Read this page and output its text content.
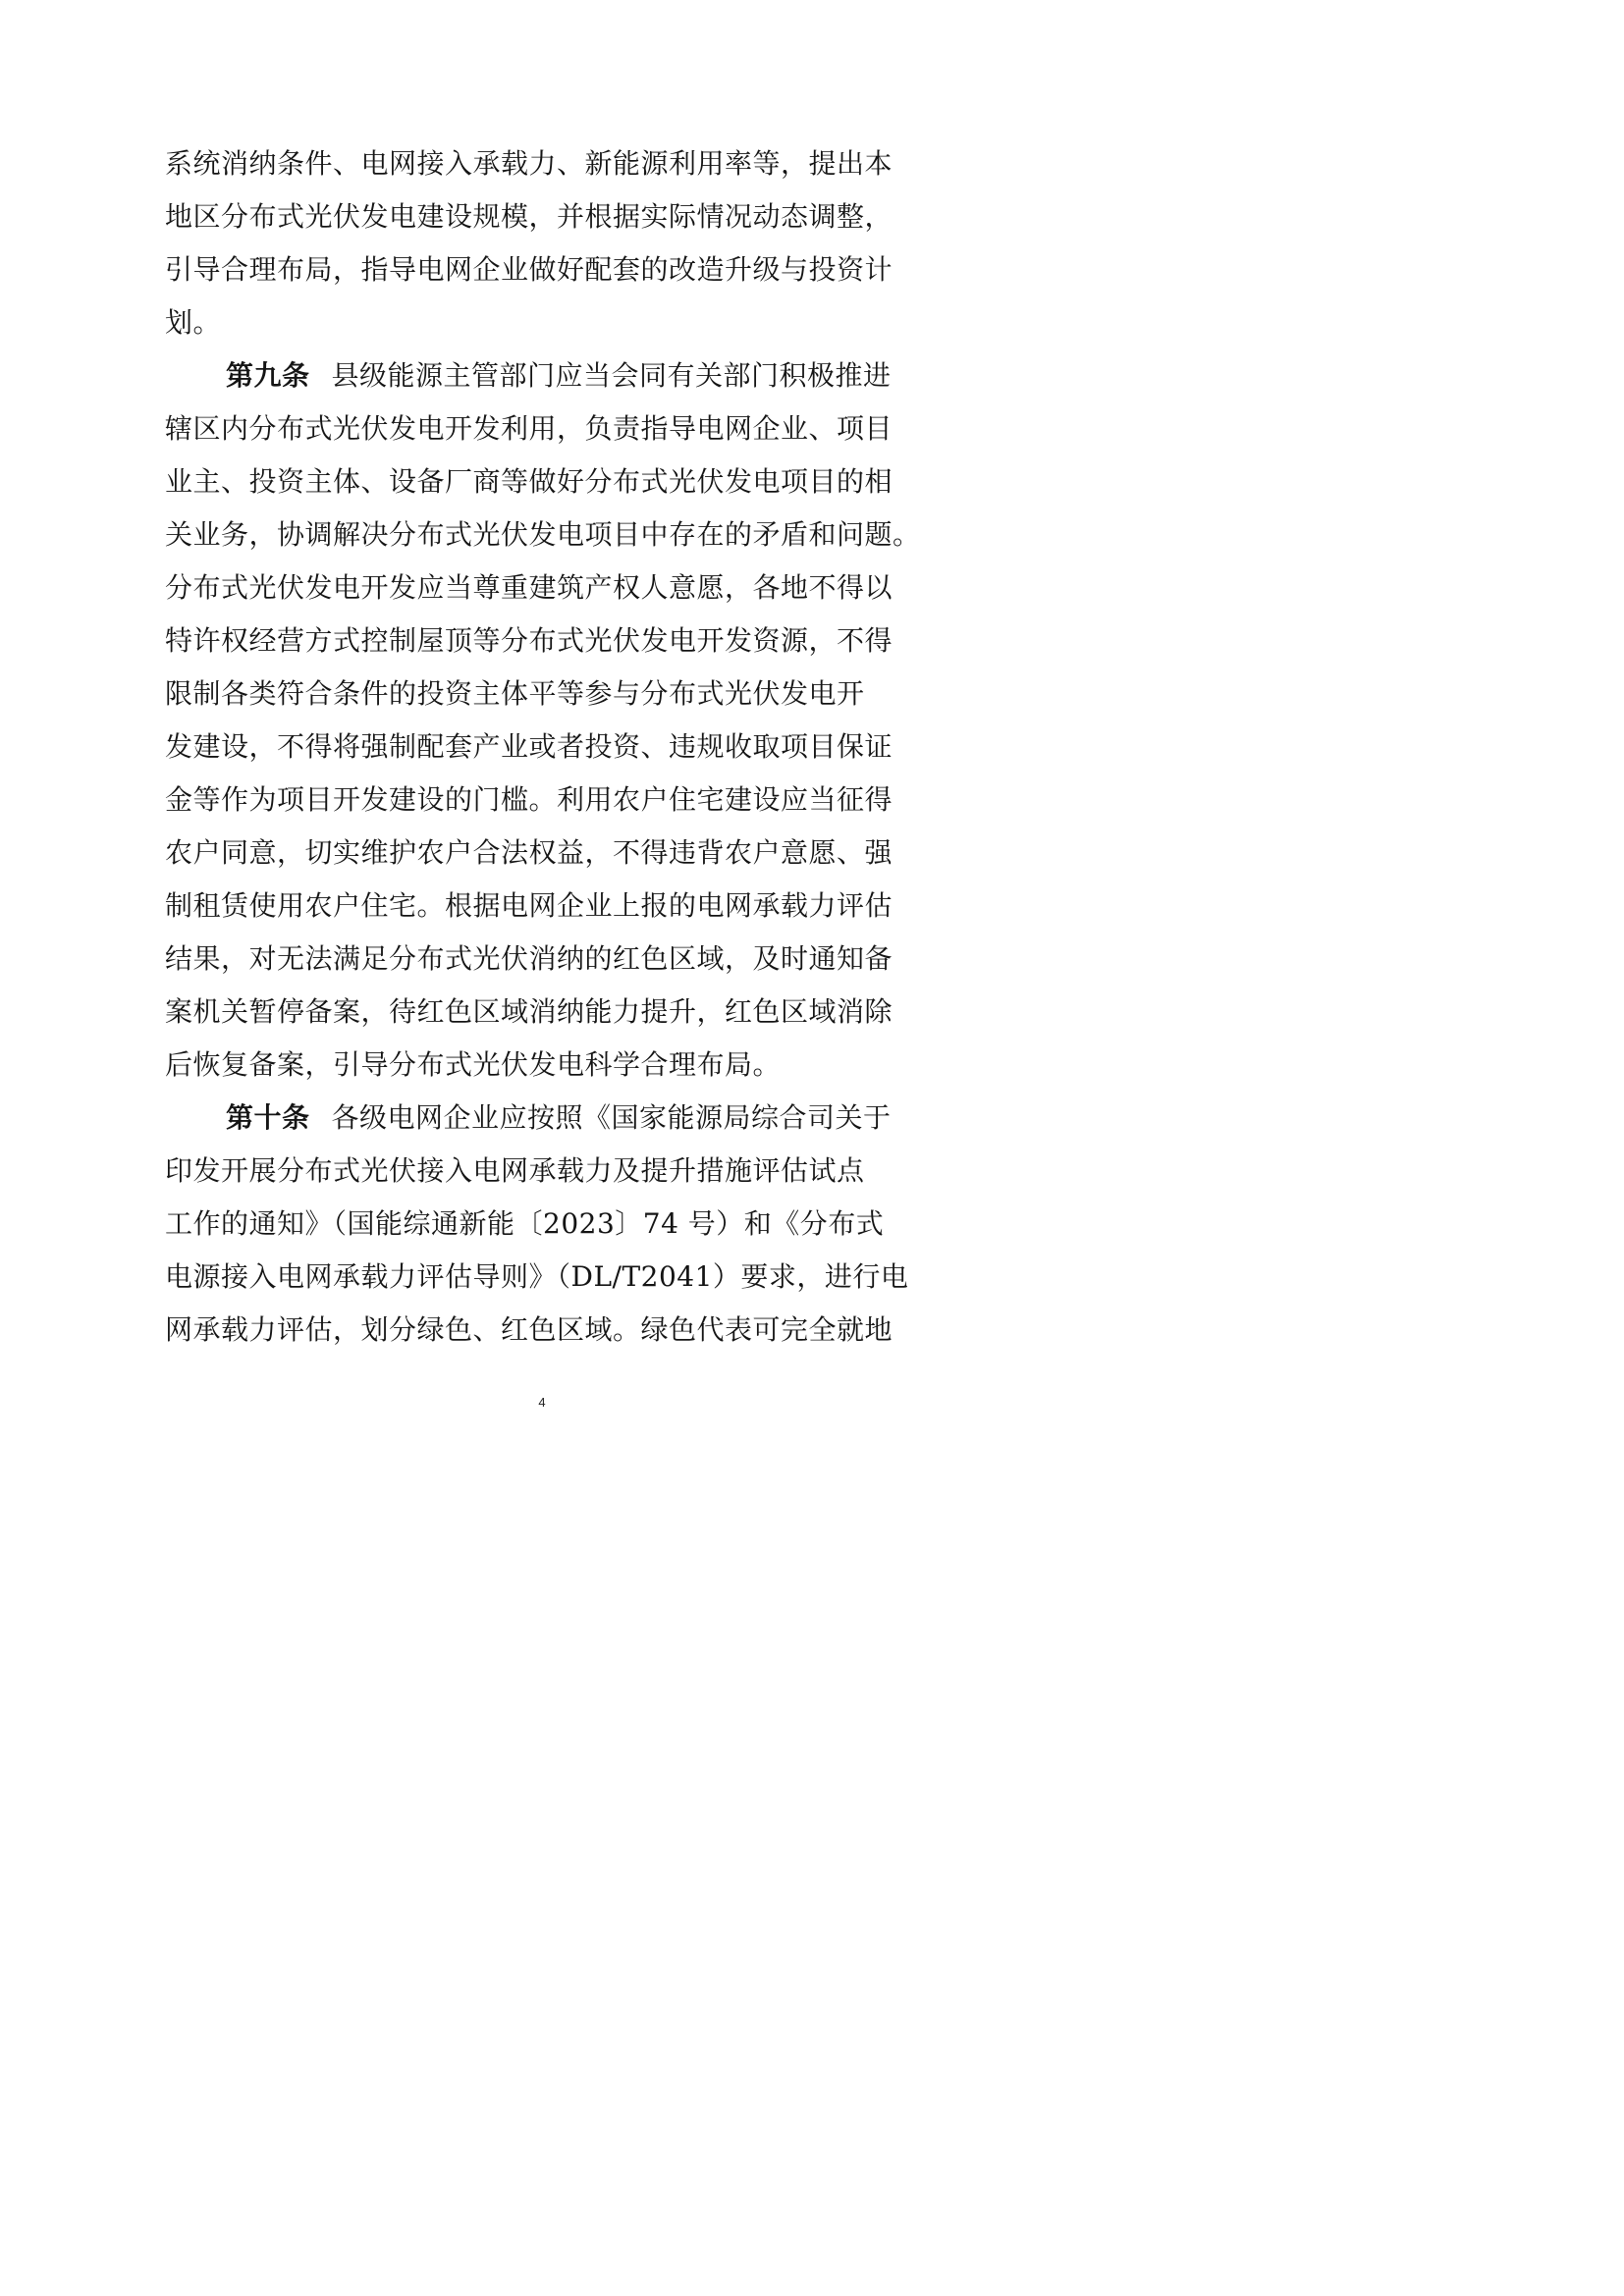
系统消纳条件、电网接入承载力、新能源利用率等，提出本
地区分布式光伏发电建设规模，并根据实际情况动态调整，
引导合理布局，指导电网企业做好配套的改造升级与投资计
划。
第九条 县级能源主管部门应当会同有关部门积极推进
辖区内分布式光伏发电开发利用，负责指导电网企业、项目
业主、投资主体、设备厂商等做好分布式光伏发电项目的相
关业务，协调解决分布式光伏发电项目中存在的矛盾和问题。
分布式光伏发电开发应当尊重建筑产权人意愿，各地不得以
特许权经营方式控制屋顶等分布式光伏发电开发资源，不得
限制各类符合条件的投资主体平等参与分布式光伏发电开
发建设，不得将强制配套产业或者投资、违规收取项目保证
金等作为项目开发建设的门槛。利用农户住宅建设应当征得
农户同意，切实维护农户合法权益，不得违背农户意愿、强
制租赁使用农户住宅。根据电网企业上报的电网承载力评估
结果，对无法满足分布式光伏消纳的红色区域，及时通知备
案机关暂停备案，待红色区域消纳能力提升，红色区域消除
后恢复备案，引导分布式光伏发电科学合理布局。
第十条 各级电网企业应按照《国家能源局综合司关于
印发开展分布式光伏接入电网承载力及提升措施评估试点
工作的通知》（国能综通新能〔2023〕74 号）和《分布式
电源接入电网承载力评估导则》（DL/T2041）要求，进行电
网承载力评估，划分绿色、红色区域。绿色代表可完全就地
4
